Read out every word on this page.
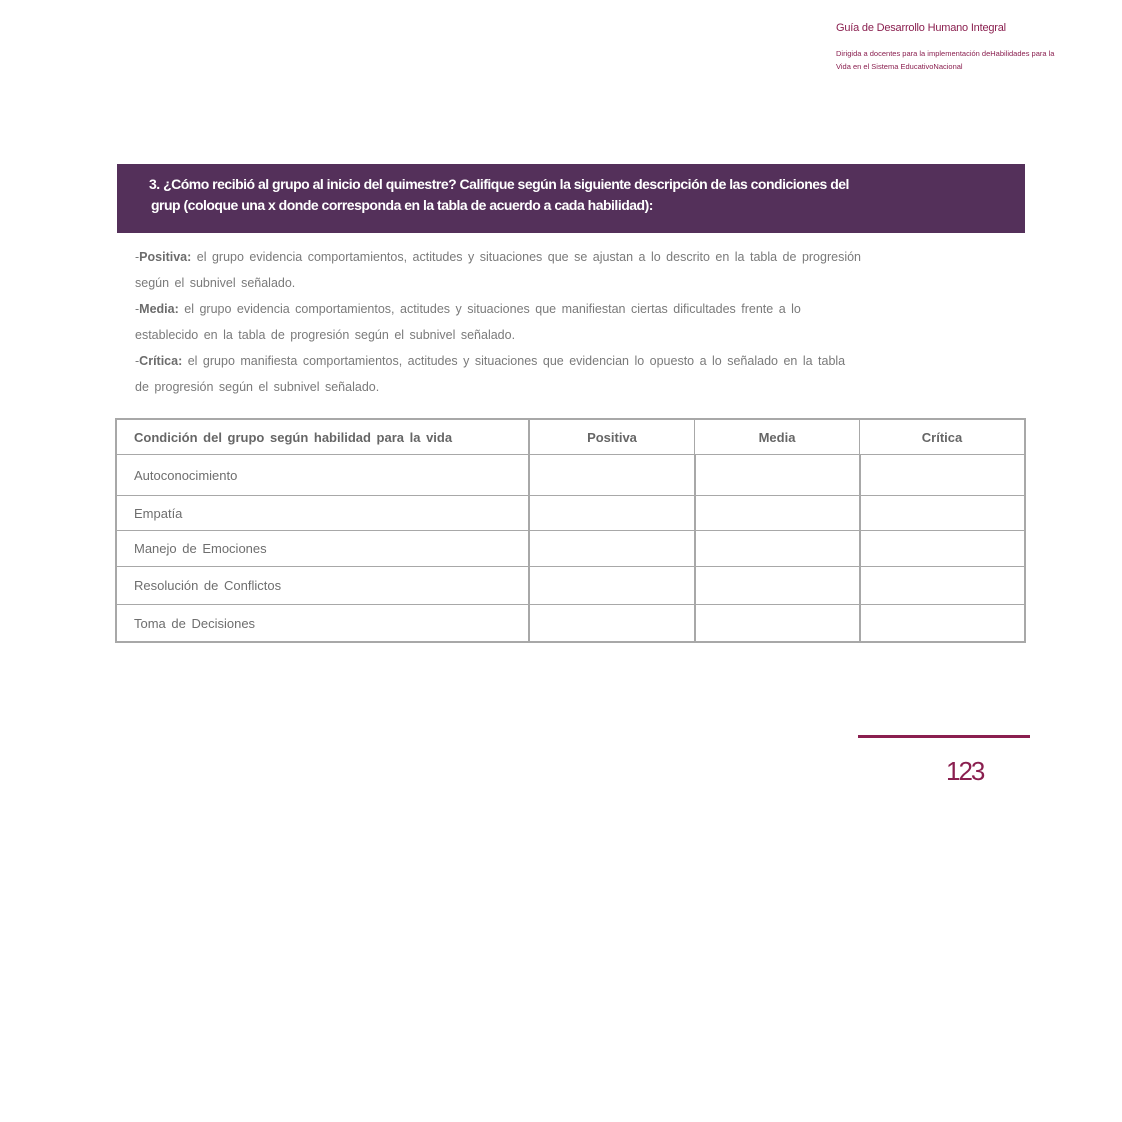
Guía de Desarrollo Humano Integral

Dirigida a docentes para la implementación deHabilidades para la

Vida en el Sistema EducativoNacional

3. ¿Cómo recibió al grupo al inicio del quimestre? Califique según la siguiente descripción de las condiciones del

grup (coloque una x donde corresponda en la tabla de acuerdo a cada habilidad):

-Positiva: el grupo evidencia comportamientos, actitudes y situaciones que se ajustan a lo descrito en la tabla de progresión

según el subnivel señalado.

-Media: el grupo evidencia comportamientos, actitudes y situaciones que manifiestan ciertas dificultades frente a lo

establecido en la tabla de progresión según el subnivel señalado.

-Crítica: el grupo manifiesta comportamientos, actitudes y situaciones que evidencian lo opuesto a lo señalado en la tabla

de progresión según el subnivel señalado.

Condición del grupo según habilidad para la vida	Positiva	Media	Crítica
Autoconocimiento			
Empatía			
Manejo de Emociones			
Resolución de Conflictos			
Toma de Decisiones			
123
